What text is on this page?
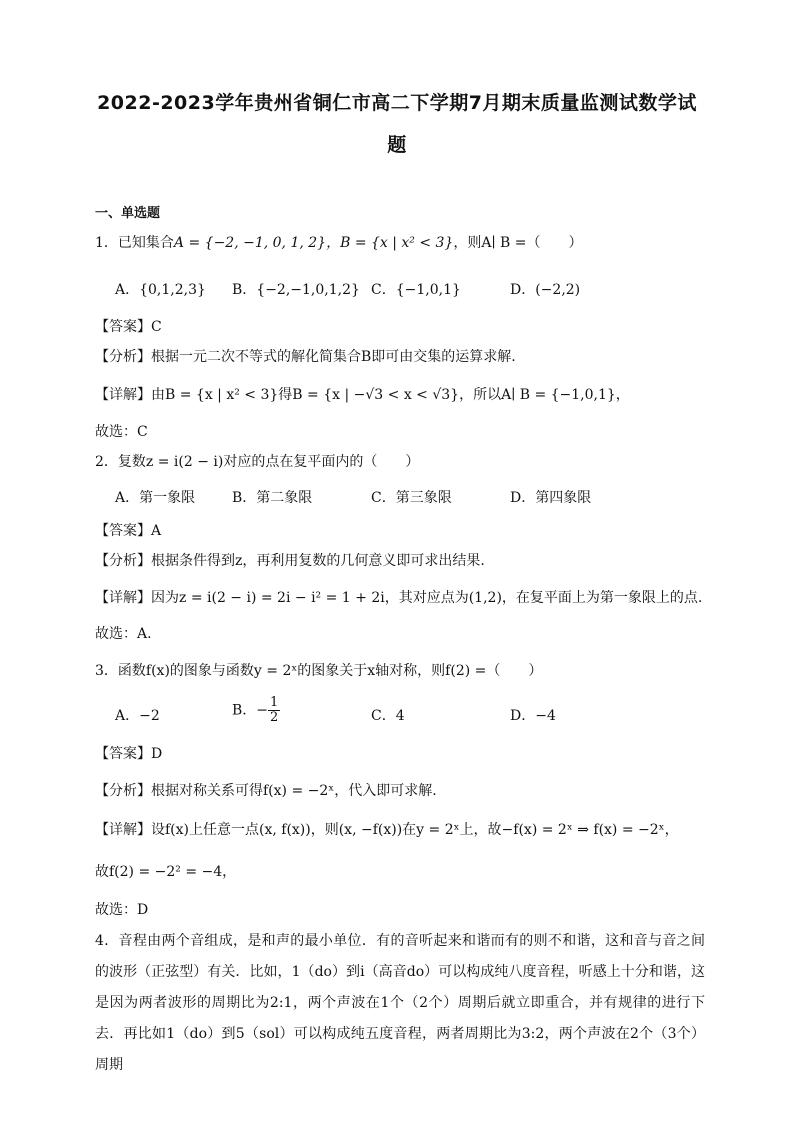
2022-2023学年贵州省铜仁市高二下学期7月期末质量监测试数学试
题
一、单选题
1．已知集合A = {−2, −1, 0, 1, 2}，B = {x | x² < 3}，则A∣ B =（　　）
A．{0,1,2,3} B．{−2,−1,0,1,2} C．{−1,0,1}	D．(−2,2)
【答案】C
【分析】根据一元二次不等式的解化简集合B即可由交集的运算求解.
【详解】由B = {x | x² < 3}得B = {x | −√3 < x < √3}，所以A∣ B = {−1,0,1}，
故选：C
2．复数z = i(2 − i)对应的点在复平面内的（　　）
A．第一象限	B．第二象限	C．第三象限	D．第四象限
【答案】A
【分析】根据条件得到z，再利用复数的几何意义即可求出结果.
【详解】因为z = i(2 − i) = 2i − i² = 1 + 2i，其对应点为(1,2)，在复平面上为第一象限上的点.
故选：A.
3．函数f(x)的图象与函数y = 2ˣ的图象关于x轴对称，则f(2) =（　　）
A．−2	B．− $\frac{1}{2}$	C．4	D．−4
【答案】D
【分析】根据对称关系可得f(x) = −2ˣ，代入即可求解.
【详解】设f(x)上任意一点(x, f(x))，则(x, −f(x))在y = 2ˣ上，故−f(x) = 2ˣ ⇒ f(x) = −2ˣ，
故f(2) = −2² = −4，
故选：D
4．音程由两个音组成，是和声的最小单位．有的音听起来和谐而有的则不和谐，这和音与音之间的波形（正弦型）有关．比如，1（do）到i（高音do）可以构成纯八度音程，听感上十分和谐，这是因为两者波形的周期比为2:1，两个声波在1个（2个）周期后就立即重合，并有规律的进行下去．再比如1（do）到5（sol）可以构成纯五度音程，两者周期比为3:2，两个声波在2个（3个）周期
